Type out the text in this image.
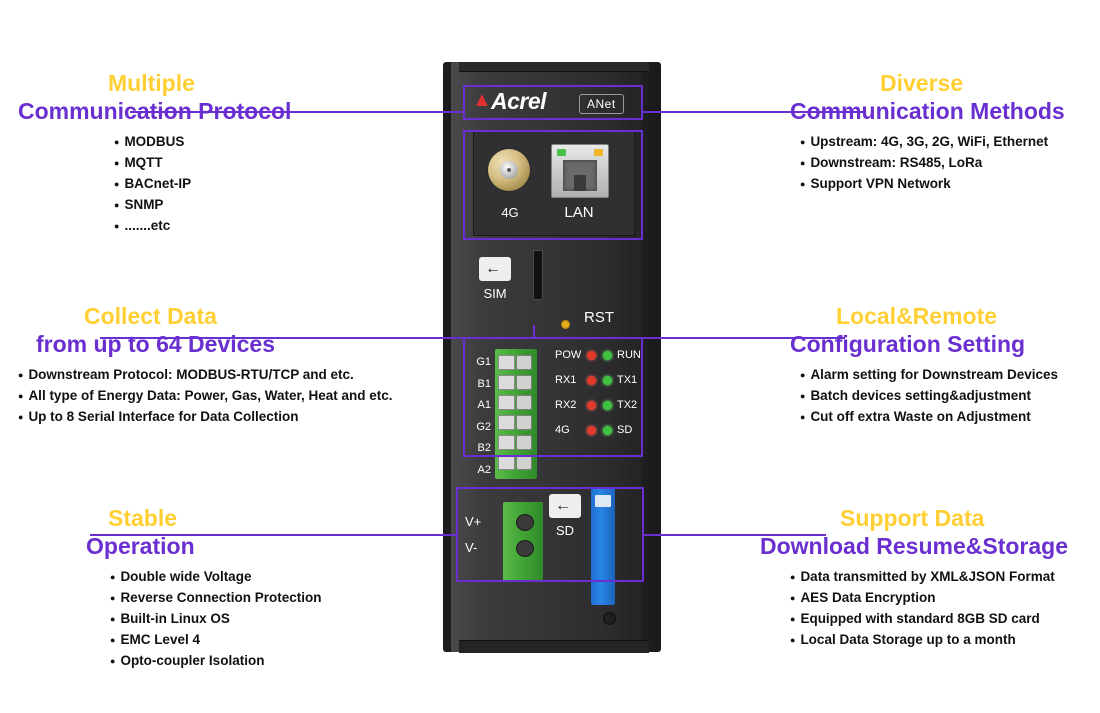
▲ Acrel	ANet
4G	LAN
←
SIM
RST
G1
B1
A1
G2
B2
A2
POW	RUN
RX1	TX1
RX2	TX2
4G	SD
V+
V-
←
SD
Multiple
Communication Protocol
● MODBUS
● MQTT
● BACnet-IP
● SNMP
● .......etc
Diverse
Communication Methods
● Upstream: 4G, 3G, 2G, WiFi, Ethernet
● Downstream: RS485, LoRa
● Support VPN Network
Collect Data
from up to 64 Devices
● Downstream Protocol: MODBUS-RTU/TCP and etc.
● All type of Energy Data: Power, Gas, Water, Heat and etc.
● Up to 8 Serial Interface for Data Collection
Local&Remote
Configuration Setting
● Alarm setting for Downstream Devices
● Batch devices setting&adjustment
● Cut off extra Waste on Adjustment
Stable
Operation
● Double wide Voltage
● Reverse Connection Protection
● Built-in Linux OS
● EMC Level 4
● Opto-coupler Isolation
Support Data
Download Resume&Storage
● Data transmitted by XML&JSON Format
● AES Data Encryption
● Equipped with standard 8GB SD card
● Local Data Storage up to a month
